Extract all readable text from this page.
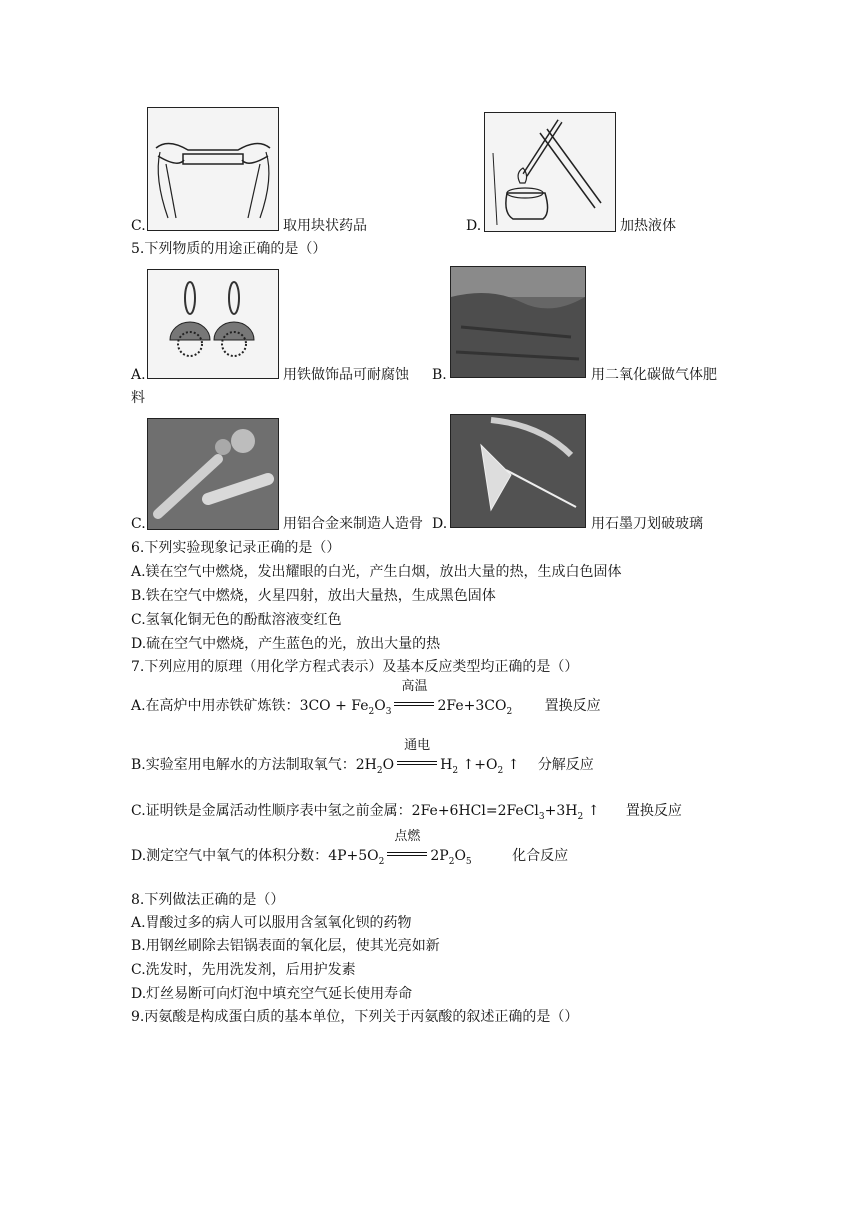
C.	取用块状药品	D.	加热液体
5.下列物质的用途正确的是（）
A.	用铁做饰品可耐腐蚀 B.	用二氧化碳做气体肥
料
C.	用铝合金来制造人造骨 D.	用石墨刀划破玻璃
6.下列实验现象记录正确的是（）
A.镁在空气中燃烧，发出耀眼的白光，产生白烟，放出大量的热，生成白色固体
B.铁在空气中燃烧，火星四射，放出大量热，生成黑色固体
C.氢氧化铜无色的酚酞溶液变红色
D.硫在空气中燃烧，产生蓝色的光，放出大量的热
7.下列应用的原理（用化学方程式表示）及基本反应类型均正确的是（）
A.在高炉中用赤铁矿炼铁：$3CO + Fe_2O_3$
高温
$2Fe+3CO_2$ 置换反应
B.实验室用电解水的方法制取氧气：$2H_2O$
通电
$H_2$ $↑+O_2$ ↑ 分解反应
C.证明铁是金属活动性顺序表中氢之前金属：$2Fe+6HCl=2FeCl_3+3H_2$ ↑ 置换反应
D.测定空气中氧气的体积分数：$4P+5O_2$
点燃
$2P_2O_5$	化合反应
8.下列做法正确的是（）
A.胃酸过多的病人可以服用含氢氧化钡的药物
B.用钢丝刷除去铝锅表面的氧化层，使其光亮如新
C.洗发时，先用洗发剂，后用护发素
D.灯丝易断可向灯泡中填充空气延长使用寿命
9.丙氨酸是构成蛋白质的基本单位，下列关于丙氨酸的叙述正确的是（）
